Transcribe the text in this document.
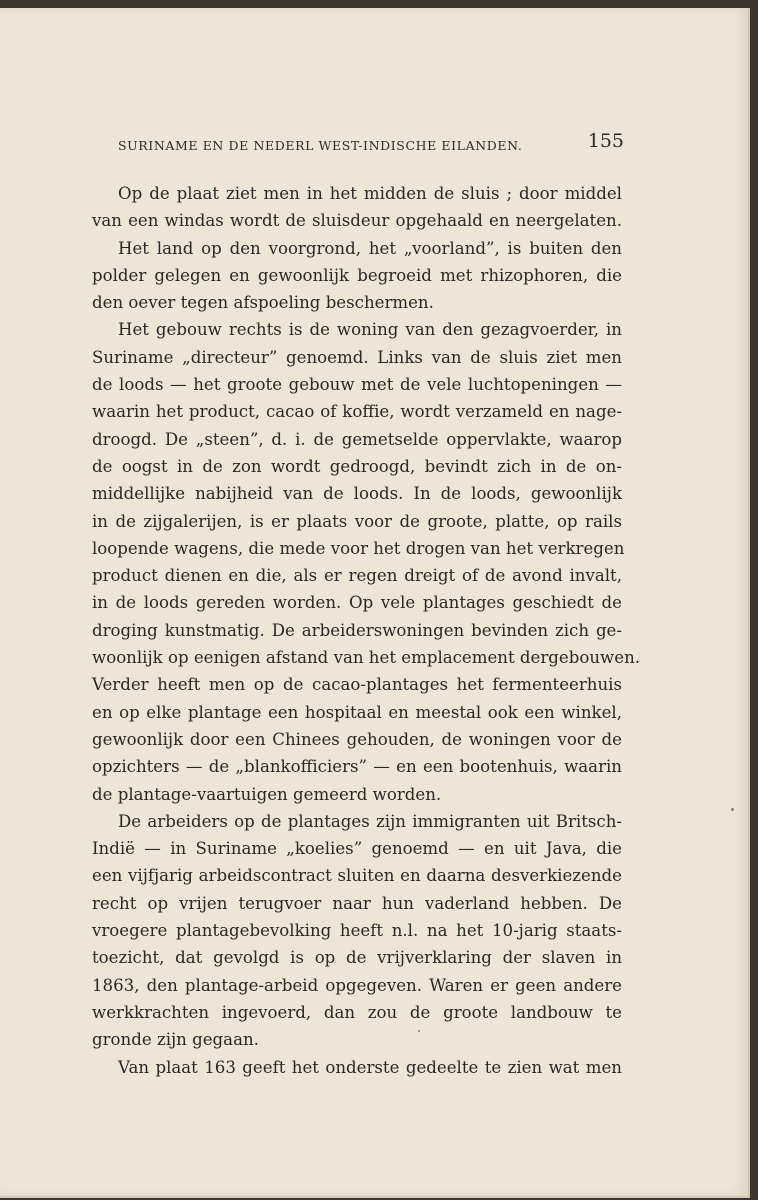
SURINAME EN DE NEDERL WEST-INDISCHE EILANDEN.	155
Op de plaat ziet men in het midden de sluis ; door middel
van een windas wordt de sluisdeur opgehaald en neergelaten.
Het land op den voorgrond, het „voorland”, is buiten den
polder gelegen en gewoonlijk begroeid met rhizophoren, die
den oever tegen afspoeling beschermen.
Het gebouw rechts is de woning van den gezagvoerder, in
Suriname „directeur” genoemd. Links van de sluis ziet men
de loods — het groote gebouw met de vele luchtopeningen —
waarin het product, cacao of koffie, wordt verzameld en nage-
droogd. De „steen”, d. i. de gemetselde oppervlakte, waarop
de oogst in de zon wordt gedroogd, bevindt zich in de on-
middellijke nabijheid van de loods. In de loods, gewoonlijk
in de zijgalerijen, is er plaats voor de groote, platte, op rails
loopende wagens, die mede voor het drogen van het verkregen
product dienen en die, als er regen dreigt of de avond invalt,
in de loods gereden worden. Op vele plantages geschiedt de
droging kunstmatig. De arbeiderswoningen bevinden zich ge-
woonlijk op eenigen afstand van het emplacement dergebouwen.
Verder heeft men op de cacao-plantages het fermenteerhuis
en op elke plantage een hospitaal en meestal ook een winkel,
gewoonlijk door een Chinees gehouden, de woningen voor de
opzichters — de „blankofficiers” — en een bootenhuis, waarin
de plantage-vaartuigen gemeerd worden.
De arbeiders op de plantages zijn immigranten uit Britsch-
Indië — in Suriname „koelies” genoemd — en uit Java, die
een vijfjarig arbeidscontract sluiten en daarna desverkiezende
recht op vrijen terugvoer naar hun vaderland hebben. De
vroegere plantagebevolking heeft n.l. na het 10-jarig staats-
toezicht, dat gevolgd is op de vrijverklaring der slaven in
1863, den plantage-arbeid opgegeven. Waren er geen andere
werkkrachten ingevoerd, dan zou de groote landbouw te
gronde zijn gegaan.
Van plaat 163 geeft het onderste gedeelte te zien wat men
